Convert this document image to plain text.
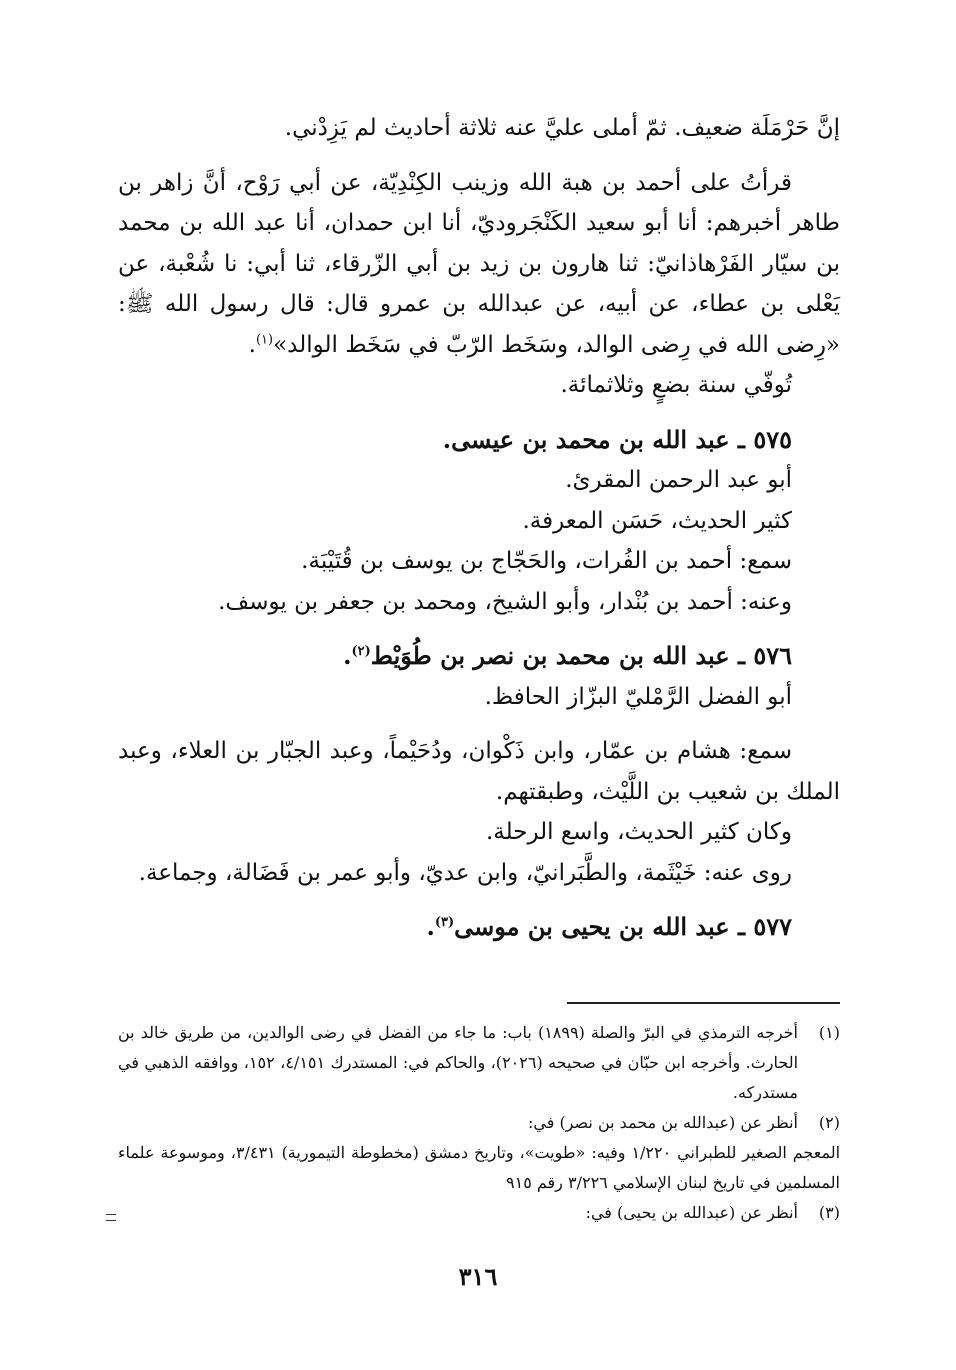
إنَّ حَرْمَلَة ضعيف. ثمّ أملى عليَّ عنه ثلاثة أحاديث لم يَزِدْني.

قرأتُ على أحمد بن هبة الله وزينب الكِنْدِيّة، عن أبي رَوْح، أنَّ زاهر بن طاهر أخبرهم: أنا أبو سعيد الكَنْجَروديّ، أنا ابن حمدان، أنا عبد الله بن محمد بن سيّار الفَرْهاذانيّ: ثنا هارون بن زيد بن أبي الزّرقاء، ثنا أبي: نا شُعْبة، عن يَعْلى بن عطاء، عن أبيه، عن عبدالله بن عمرو قال: قال رسول الله ﷺ: «رِضى الله في رِضى الوالد، وسَخَط الرّبّ في سَخَط الوالد»$^{(١)}$.

تُوفّي سنة بضعٍ وثلاثمائة.

٥٧٥ ـ عبد الله بن محمد بن عيسى.

أبو عبد الرحمن المقرئ.

كثير الحديث، حَسَن المعرفة.

سمع: أحمد بن الفُرات، والحَجّاج بن يوسف بن قُتَيْبَة.

وعنه: أحمد بن بُنْدار، وأبو الشيخ، ومحمد بن جعفر بن يوسف.

٥٧٦ ـ عبد الله بن محمد بن نصر بن طُوَيْط$^{(٢)}$.

أبو الفضل الرَّمْليّ البزّاز الحافظ.

سمع: هشام بن عمّار، وابن ذَكْوان، ودُحَيْماً، وعبد الجبّار بن العلاء، وعبد الملك بن شعيب بن اللَّيْث، وطبقتهم.

وكان كثير الحديث، واسع الرحلة.

روى عنه: خَيْثَمة، والطَّبَرانيّ، وابن عديّ، وأبو عمر بن فَضَالة، وجماعة.

٥٧٧ ـ عبد الله بن يحيى بن موسى$^{(٣)}$.

(١)
أخرجه الترمذي في البرّ والصلة (١٨٩٩) باب: ما جاء من الفضل في رضى الوالدين، من طريق خالد بن الحارث. وأخرجه ابن حبّان في صحيحه (٢٠٢٦)، والحاكم في: المستدرك ٤/١٥١، ١٥٢، ووافقه الذهبي في مستدركه.

(٢)
أنظر عن (عبدالله بن محمد بن نصر) في:

المعجم الصغير للطبراني ١/٢٢٠ وفيه: «طويت»، وتاريخ دمشق (مخطوطة التيمورية) ٣/٤٣١، وموسوعة علماء المسلمين في تاريخ لبنان الإسلامي ٣/٢٢٦ رقم ٩١٥

(٣)
أنظر عن (عبدالله بن يحيى) في:

٣١٦
